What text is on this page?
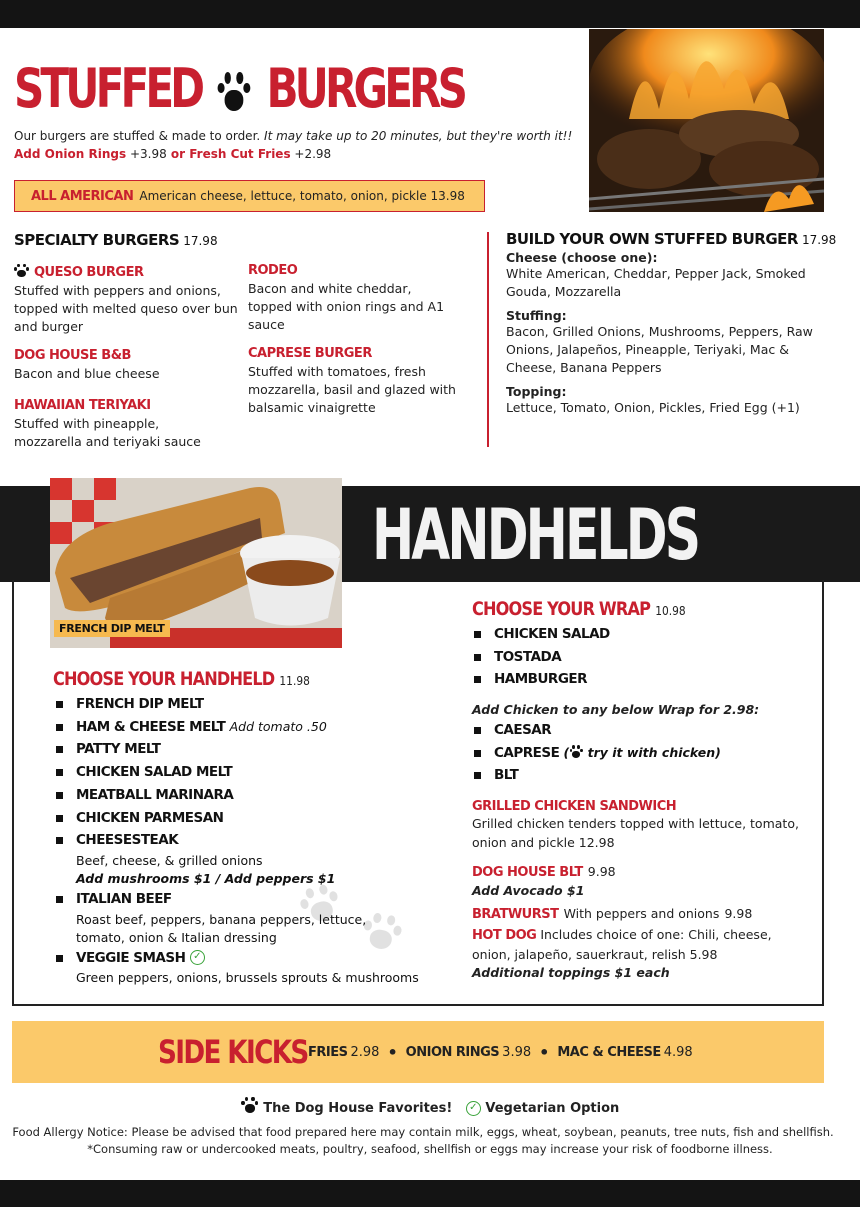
STUFFED BURGERS
Our burgers are stuffed & made to order. It may take up to 20 minutes, but they're worth it!!
Add Onion Rings +3.98 or Fresh Cut Fries +2.98
ALL AMERICAN American cheese, lettuce, tomato, onion, pickle 13.98
SPECIALTY BURGERS 17.98
QUESO BURGER
Stuffed with peppers and onions, topped with melted queso over bun and burger
DOG HOUSE B&B
Bacon and blue cheese
HAWAIIAN TERIYAKI
Stuffed with pineapple, mozzarella and teriyaki sauce
RODEO
Bacon and white cheddar, topped with onion rings and A1 sauce
CAPRESE BURGER
Stuffed with tomatoes, fresh mozzarella, basil and glazed with balsamic vinaigrette
BUILD YOUR OWN STUFFED BURGER 17.98
Cheese (choose one):
White American, Cheddar, Pepper Jack, Smoked Gouda, Mozzarella
Stuffing:
Bacon, Grilled Onions, Mushrooms, Peppers, Raw Onions, Jalapeños, Pineapple, Teriyaki, Mac & Cheese, Banana Peppers
Topping:
Lettuce, Tomato, Onion, Pickles, Fried Egg (+1)
HANDHELDS
FRENCH DIP MELT
CHOOSE YOUR HANDHELD 11.98
FRENCH DIP MELT
HAM & CHEESE MELT Add tomato .50
PATTY MELT
CHICKEN SALAD MELT
MEATBALL MARINARA
CHICKEN PARMESAN
CHEESESTEAK
Beef, cheese, & grilled onions
Add mushrooms $1 / Add peppers $1
ITALIAN BEEF
Roast beef, peppers, banana peppers, lettuce, tomato, onion & Italian dressing
VEGGIE SMASH ✓
Green peppers, onions, brussels sprouts & mushrooms
CHOOSE YOUR WRAP 10.98
CHICKEN SALAD
TOSTADA
HAMBURGER
Add Chicken to any below Wrap for 2.98:
CAESAR
CAPRESE ( try it with chicken)
BLT
GRILLED CHICKEN SANDWICH
Grilled chicken tenders topped with lettuce, tomato, onion and pickle 12.98
DOG HOUSE BLT 9.98
Add Avocado $1
BRATWURST With peppers and onions 9.98
HOT DOG Includes choice of one: Chili, cheese, onion, jalapeño, sauerkraut, relish 5.98
Additional toppings $1 each
SIDE KICKS FRIES 2.98 • ONION RINGS 3.98 • MAC & CHEESE 4.98
The Dog House Favorites! ✓ Vegetarian Option
Food Allergy Notice: Please be advised that food prepared here may contain milk, eggs, wheat, soybean, peanuts, tree nuts, fish and shellfish.
*Consuming raw or undercooked meats, poultry, seafood, shellfish or eggs may increase your risk of foodborne illness.
